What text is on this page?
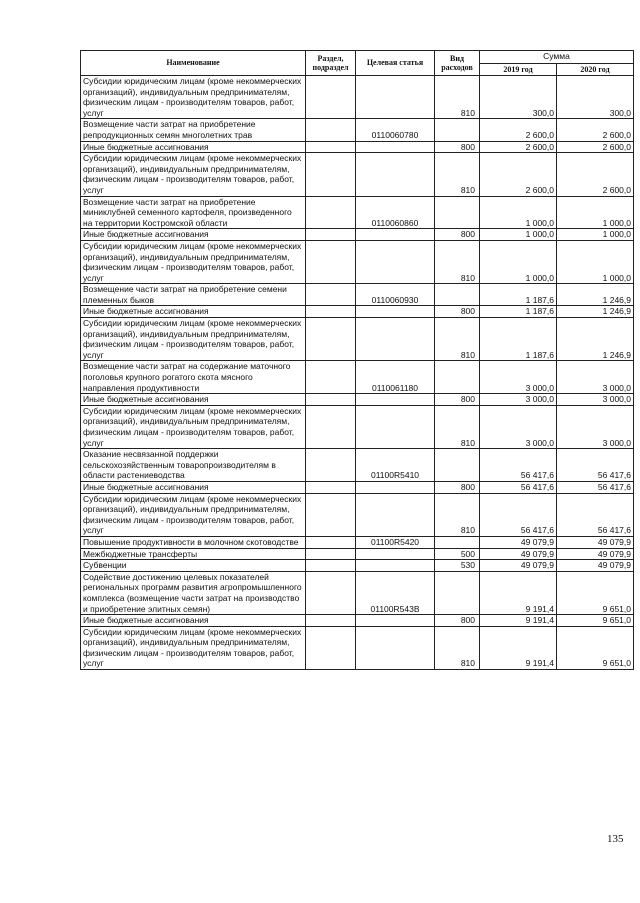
Наименование	Раздел, подраздел	Целевая статья	Вид расходов	Сумма	
				2019 год	2020 год
Субсидии юридическим лицам (кроме некоммерческих организаций), индивидуальным предпринимателям, физическим лицам - производителям товаров, работ, услуг			810	300,0	300,0
Возмещение части затрат на приобретение репродукционных семян многолетних трав		0110060780		2 600,0	2 600,0
Иные бюджетные ассигнования			800	2 600,0	2 600,0
Субсидии юридическим лицам (кроме некоммерческих организаций), индивидуальным предпринимателям, физическим лицам - производителям товаров, работ, услуг			810	2 600,0	2 600,0
Возмещение части затрат на приобретение миниклубней семенного картофеля, произведенного на территории Костромской области		0110060860		1 000,0	1 000,0
Иные бюджетные ассигнования			800	1 000,0	1 000,0
Субсидии юридическим лицам (кроме некоммерческих организаций), индивидуальным предпринимателям, физическим лицам - производителям товаров, работ, услуг			810	1 000,0	1 000,0
Возмещение части затрат на приобретение семени племенных быков		0110060930		1 187,6	1 246,9
Иные бюджетные ассигнования			800	1 187,6	1 246,9
Субсидии юридическим лицам (кроме некоммерческих организаций), индивидуальным предпринимателям, физическим лицам - производителям товаров, работ, услуг			810	1 187,6	1 246,9
Возмещение части затрат на содержание маточного поголовья крупного рогатого скота мясного направления продуктивности		0110061180		3 000,0	3 000,0
Иные бюджетные ассигнования			800	3 000,0	3 000,0
Субсидии юридическим лицам (кроме некоммерческих организаций), индивидуальным предпринимателям, физическим лицам - производителям товаров, работ, услуг			810	3 000,0	3 000,0
Оказание несвязанной поддержки сельскохозяйственным товаропроизводителям в области растениеводства		01100R5410		56 417,6	56 417,6
Иные бюджетные ассигнования			800	56 417,6	56 417,6
Субсидии юридическим лицам (кроме некоммерческих организаций), индивидуальным предпринимателям, физическим лицам - производителям товаров, работ, услуг			810	56 417,6	56 417,6
Повышение продуктивности в молочном скотоводстве		01100R5420		49 079,9	49 079,9
Межбюджетные трансферты			500	49 079,9	49 079,9
Субвенции			530	49 079,9	49 079,9
Содействие достижению целевых показателей региональных программ развития агропромышленного комплекса (возмещение части затрат на производство и приобретение элитных семян)		01100R543B		9 191,4	9 651,0
Иные бюджетные ассигнования			800	9 191,4	9 651,0
Субсидии юридическим лицам (кроме некоммерческих организаций), индивидуальным предпринимателям, физическим лицам - производителям товаров, работ, услуг			810	9 191,4	9 651,0
135
